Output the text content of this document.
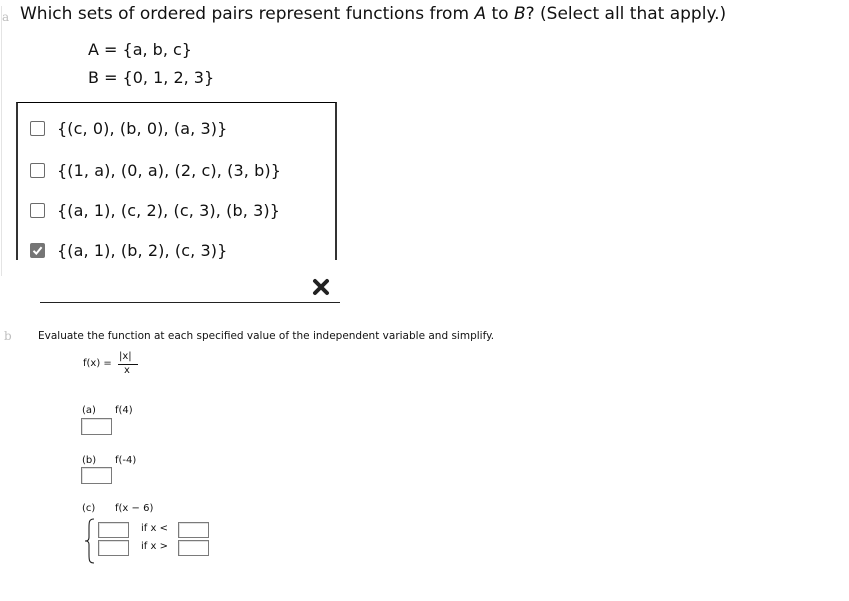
a Which sets of ordered pairs represent functions from A to B? (Select all that apply.)
A = {a, b, c}
B = {0, 1, 2, 3}
{(c, 0), (b, 0), (a, 3)}
{(1, a), (0, a), (2, c), (3, b)}
{(a, 1), (c, 2), (c, 3), (b, 3)}
{(a, 1), (b, 2), (c, 3)}
b	Evaluate the function at each specified value of the independent variable and simplify.
f(x) =
|x|
x
(a) f(4)
(b) f(-4)
(c) f(x − 6)
if x <
if x >
